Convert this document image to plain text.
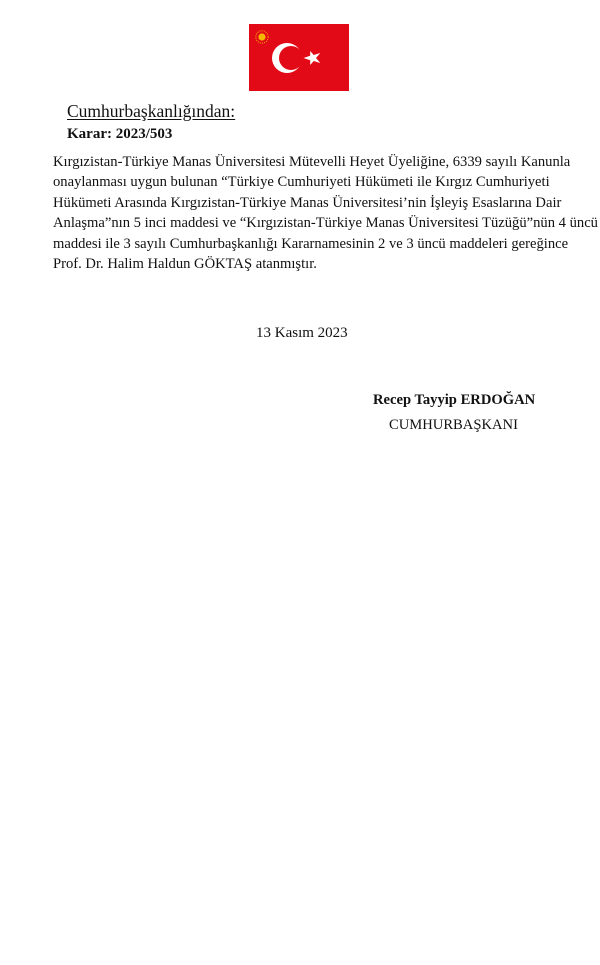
Cumhurbaşkanlığından:
Karar: 2023/503
Kırgızistan-Türkiye Manas Üniversitesi Mütevelli Heyet Üyeliğine, 6339 sayılı Kanunla
onaylanması uygun bulunan “Türkiye Cumhuriyeti Hükümeti ile Kırgız Cumhuriyeti
Hükümeti Arasında Kırgızistan-Türkiye Manas Üniversitesi’nin İşleyiş Esaslarına Dair
Anlaşma”nın 5 inci maddesi ve “Kırgızistan-Türkiye Manas Üniversitesi Tüzüğü”nün 4 üncü
maddesi ile 3 sayılı Cumhurbaşkanlığı Kararnamesinin 2 ve 3 üncü maddeleri gereğince
Prof. Dr. Halim Haldun GÖKTAŞ atanmıştır.
13 Kasım 2023
Recep Tayyip ERDOĞAN
CUMHURBAŞKANI
